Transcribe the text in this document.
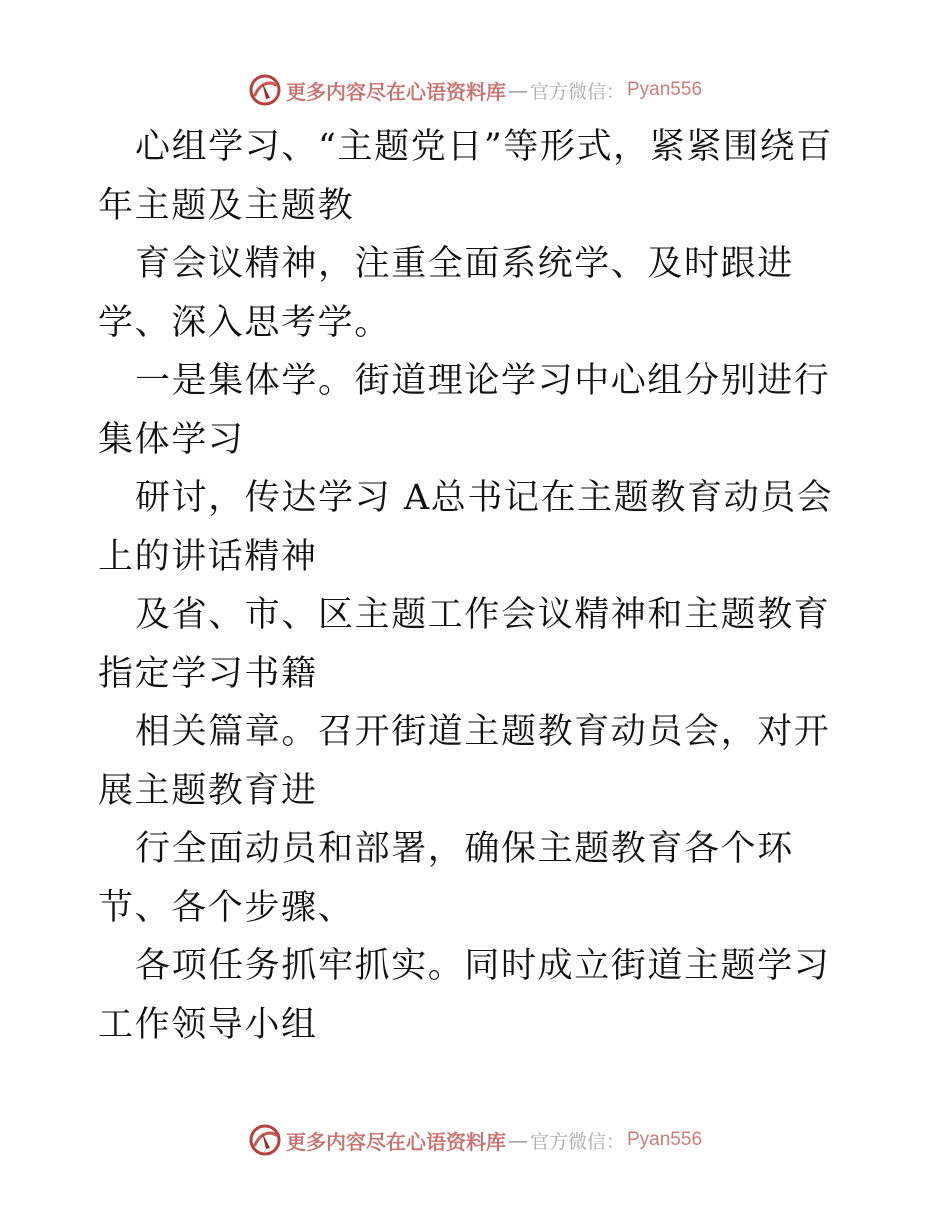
更多内容尽在心语资料库 — 官方微信： Pyan556

心组学习、“主题党日”等形式，紧紧围绕百年主题及主题教

育会议精神，注重全面系统学、及时跟进学、深入思考学。

一是集体学。街道理论学习中心组分别进行集体学习

研讨，传达学习 A总书记在主题教育动员会上的讲话精神

及省、市、区主题工作会议精神和主题教育指定学习书籍

相关篇章。召开街道主题教育动员会，对开展主题教育进

行全面动员和部署，确保主题教育各个环节、各个步骤、

各项任务抓牢抓实。同时成立街道主题学习工作领导小组

更多内容尽在心语资料库 — 官方微信： Pyan556
